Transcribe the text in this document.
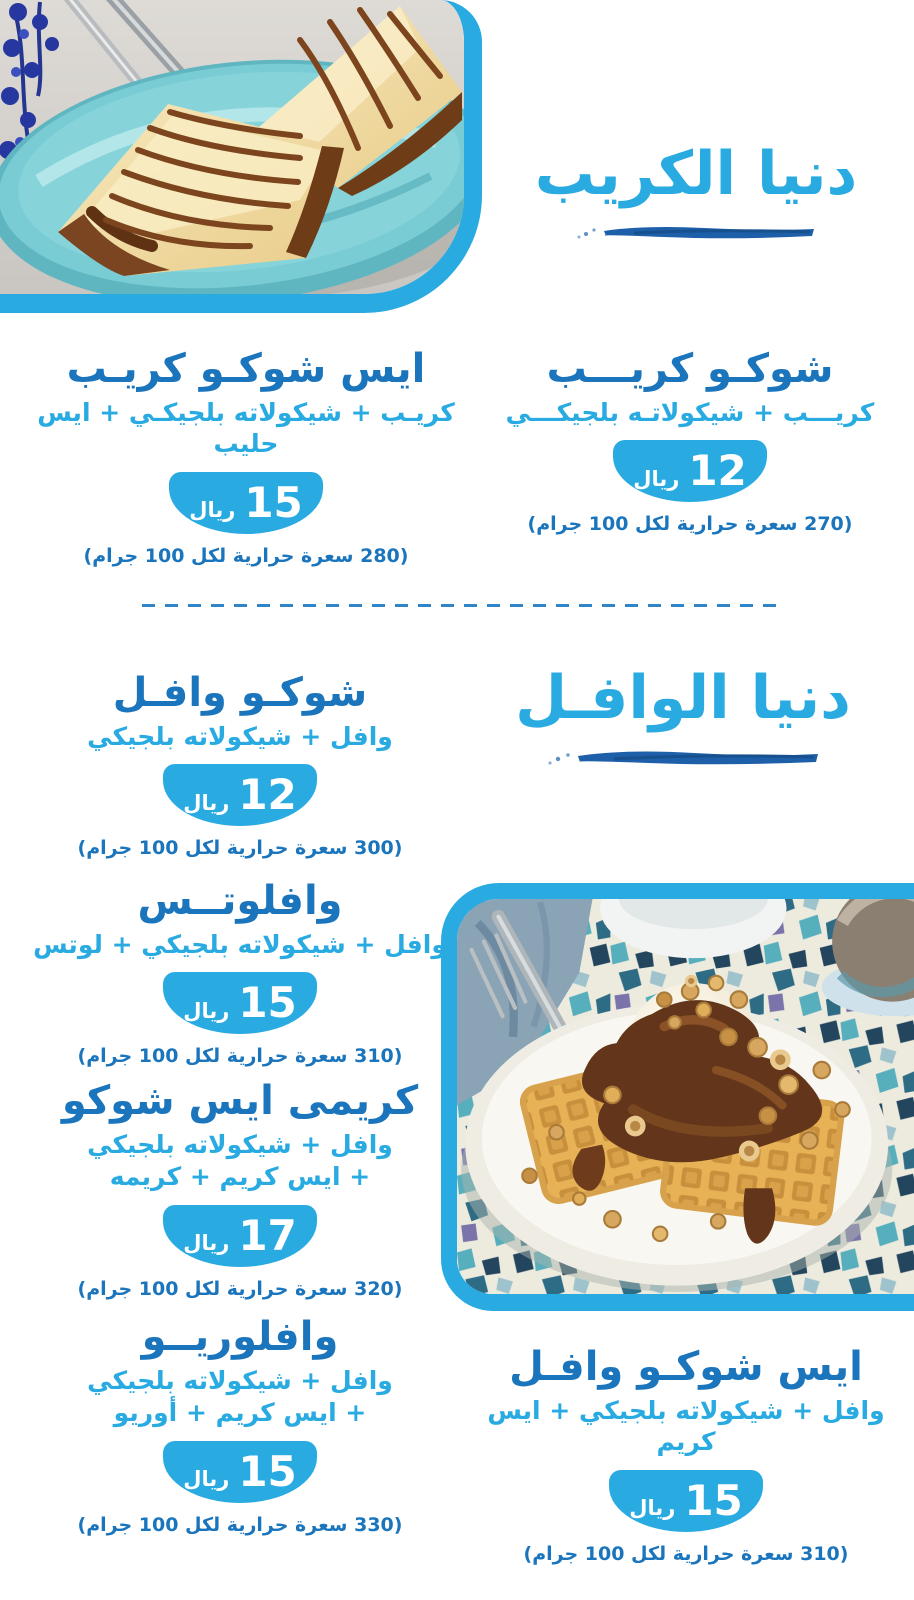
دنيا الكريب
شوكـو كريـــب

كريـــب + شيكولاتـه بلجيكـــي

12
ريال

(270 سعرة حرارية لكل 100 جرام)

ايس شوكـو كريـب

كريـب + شيكولاته بلجيكـي + ايس حليب

15
ريال

(280 سعرة حرارية لكل 100 جرام)

دنيا الوافـل
شوكـو وافـل

وافل + شيكولاته بلجيكي

12
ريال

(300 سعرة حرارية لكل 100 جرام)

وافلوتــس

وافل + شيكولاته بلجيكي + لوتس

15
ريال

(310 سعرة حرارية لكل 100 جرام)

كريمى ايس شوكو

وافل + شيكولاته بلجيكي

+ ايس كريم + كريمه

17
ريال

(320 سعرة حرارية لكل 100 جرام)

وافلوريــو

وافل + شيكولاته بلجيكي

+ ايس كريم + أوريو

15
ريال

(330 سعرة حرارية لكل 100 جرام)

ايس شوكـو وافـل

وافل + شيكولاته بلجيكي + ايس كريم

15
ريال

(310 سعرة حرارية لكل 100 جرام)
